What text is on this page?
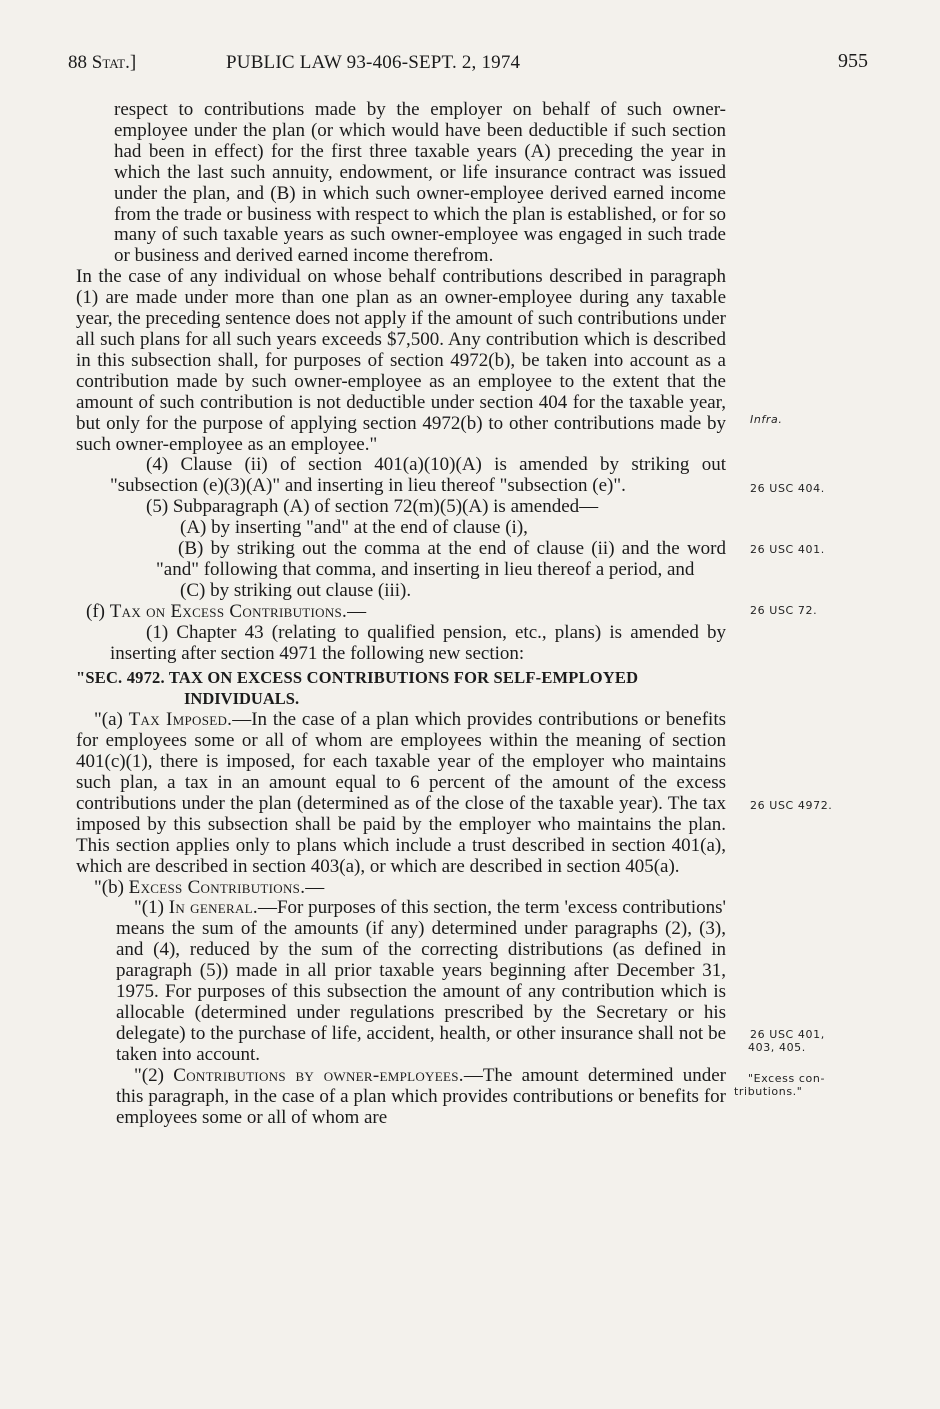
88 Stat.]	PUBLIC LAW 93-406-SEPT. 2, 1974	955

respect to contributions made by the employer on behalf of such owner-employee under the plan (or which would have been deductible if such section had been in effect) for the first three taxable years (A) preceding the year in which the last such annuity, endowment, or life insurance contract was issued under the plan, and (B) in which such owner-employee derived earned income from the trade or business with respect to which the plan is established, or for so many of such taxable years as such owner-employee was engaged in such trade or business and derived earned income therefrom.

In the case of any individual on whose behalf contributions described in paragraph (1) are made under more than one plan as an owner-employee during any taxable year, the preceding sentence does not apply if the amount of such contributions under all such plans for all such years exceeds $7,500. Any contribution which is described in this subsection shall, for purposes of section 4972(b), be taken into account as a contribution made by such owner-employee as an employee to the extent that the amount of such contribution is not deductible under section 404 for the taxable year, but only for the purpose of applying section 4972(b) to other contributions made by such owner-employee as an employee."

(4) Clause (ii) of section 401(a)(10)(A) is amended by striking out "subsection (e)(3)(A)" and inserting in lieu thereof "subsection (e)".

(5) Subparagraph (A) of section 72(m)(5)(A) is amended—

(A) by inserting "and" at the end of clause (i),

(B) by striking out the comma at the end of clause (ii) and the word "and" following that comma, and inserting in lieu thereof a period, and

(C) by striking out clause (iii).

(f) Tax on Excess Contributions.—

(1) Chapter 43 (relating to qualified pension, etc., plans) is amended by inserting after section 4971 the following new section:

"SEC. 4972. TAX ON EXCESS CONTRIBUTIONS FOR SELF-EMPLOYED

INDIVIDUALS.

"(a) Tax Imposed.—In the case of a plan which provides contributions or benefits for employees some or all of whom are employees within the meaning of section 401(c)(1), there is imposed, for each taxable year of the employer who maintains such plan, a tax in an amount equal to 6 percent of the amount of the excess contributions under the plan (determined as of the close of the taxable year). The tax imposed by this subsection shall be paid by the employer who maintains the plan. This section applies only to plans which include a trust described in section 401(a), which are described in section 403(a), or which are described in section 405(a).

"(b) Excess Contributions.—

"(1) In general.—For purposes of this section, the term 'excess contributions' means the sum of the amounts (if any) determined under paragraphs (2), (3), and (4), reduced by the sum of the correcting distributions (as defined in paragraph (5)) made in all prior taxable years beginning after December 31, 1975. For purposes of this subsection the amount of any contribution which is allocable (determined under regulations prescribed by the Secretary or his delegate) to the purchase of life, accident, health, or other insurance shall not be taken into account.

"(2) Contributions by owner-employees.—The amount determined under this paragraph, in the case of a plan which provides contributions or benefits for employees some or all of whom are

Infra.
26 USC 404.
26 USC 401.
26 USC 72.
26 USC 4972.
26 USC 401,
403, 405.
"Excess con-
tributions."
